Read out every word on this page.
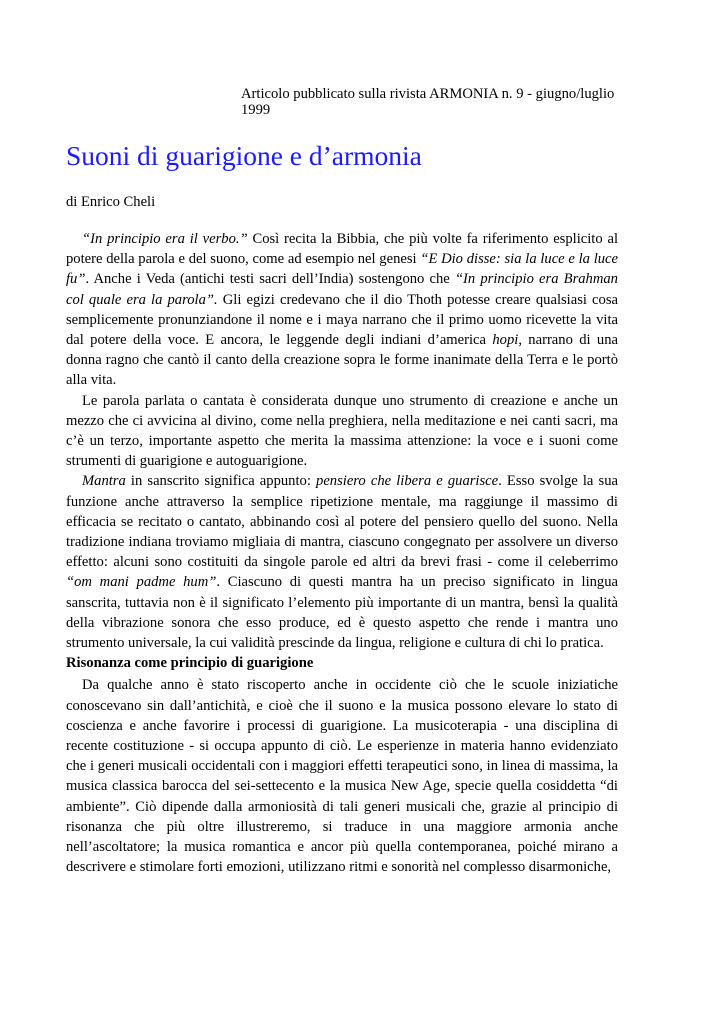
Articolo pubblicato sulla rivista ARMONIA n. 9 - giugno/luglio 1999
Suoni di guarigione e d’armonia
di Enrico Cheli

“In principio era il verbo.” Così recita la Bibbia, che più volte fa riferimento esplicito al potere della parola e del suono, come ad esempio nel genesi “E Dio disse: sia la luce e la luce fu”. Anche i Veda (antichi testi sacri dell’India) sostengono che “In principio era Brahman col quale era la parola”. Gli egizi credevano che il dio Thoth potesse creare qualsiasi cosa semplicemente pronunziandone il nome e i maya narrano che il primo uomo ricevette la vita dal potere della voce. E ancora, le leggende degli indiani d’america hopi, narrano di una donna ragno che cantò il canto della creazione sopra le forme inanimate della Terra e le portò alla vita.

Le parola parlata o cantata è considerata dunque uno strumento di creazione e anche un mezzo che ci avvicina al divino, come nella preghiera, nella meditazione e nei canti sacri, ma c’è un terzo, importante aspetto che merita la massima attenzione: la voce e i suoni come strumenti di guarigione e autoguarigione.

Mantra in sanscrito significa appunto: pensiero che libera e guarisce. Esso svolge la sua funzione anche attraverso la semplice ripetizione mentale, ma raggiunge il massimo di efficacia se recitato o cantato, abbinando così al potere del pensiero quello del suono. Nella tradizione indiana troviamo migliaia di mantra, ciascuno congegnato per assolvere un diverso effetto: alcuni sono costituiti da singole parole ed altri da brevi frasi - come il celeberrimo “om mani padme hum”. Ciascuno di questi mantra ha un preciso significato in lingua sanscrita, tuttavia non è il significato l’elemento più importante di un mantra, bensì la qualità della vibrazione sonora che esso produce, ed è questo aspetto che rende i mantra uno strumento universale, la cui validità prescinde da lingua, religione e cultura di chi lo pratica.

Risonanza come principio di guarigione

Da qualche anno è stato riscoperto anche in occidente ciò che le scuole iniziatiche conoscevano sin dall’antichità, e cioè che il suono e la musica possono elevare lo stato di coscienza e anche favorire i processi di guarigione. La musicoterapia - una disciplina di recente costituzione - si occupa appunto di ciò. Le esperienze in materia hanno evidenziato che i generi musicali occidentali con i maggiori effetti terapeutici sono, in linea di massima, la musica classica barocca del sei-settecento e la musica New Age, specie quella cosiddetta “di ambiente”. Ciò dipende dalla armoniosità di tali generi musicali che, grazie al principio di risonanza che più oltre illustreremo, si traduce in una maggiore armonia anche nell’ascoltatore; la musica romantica e ancor più quella contemporanea, poiché mirano a descrivere e stimolare forti emozioni, utilizzano ritmi e sonorità nel complesso disarmoniche,
